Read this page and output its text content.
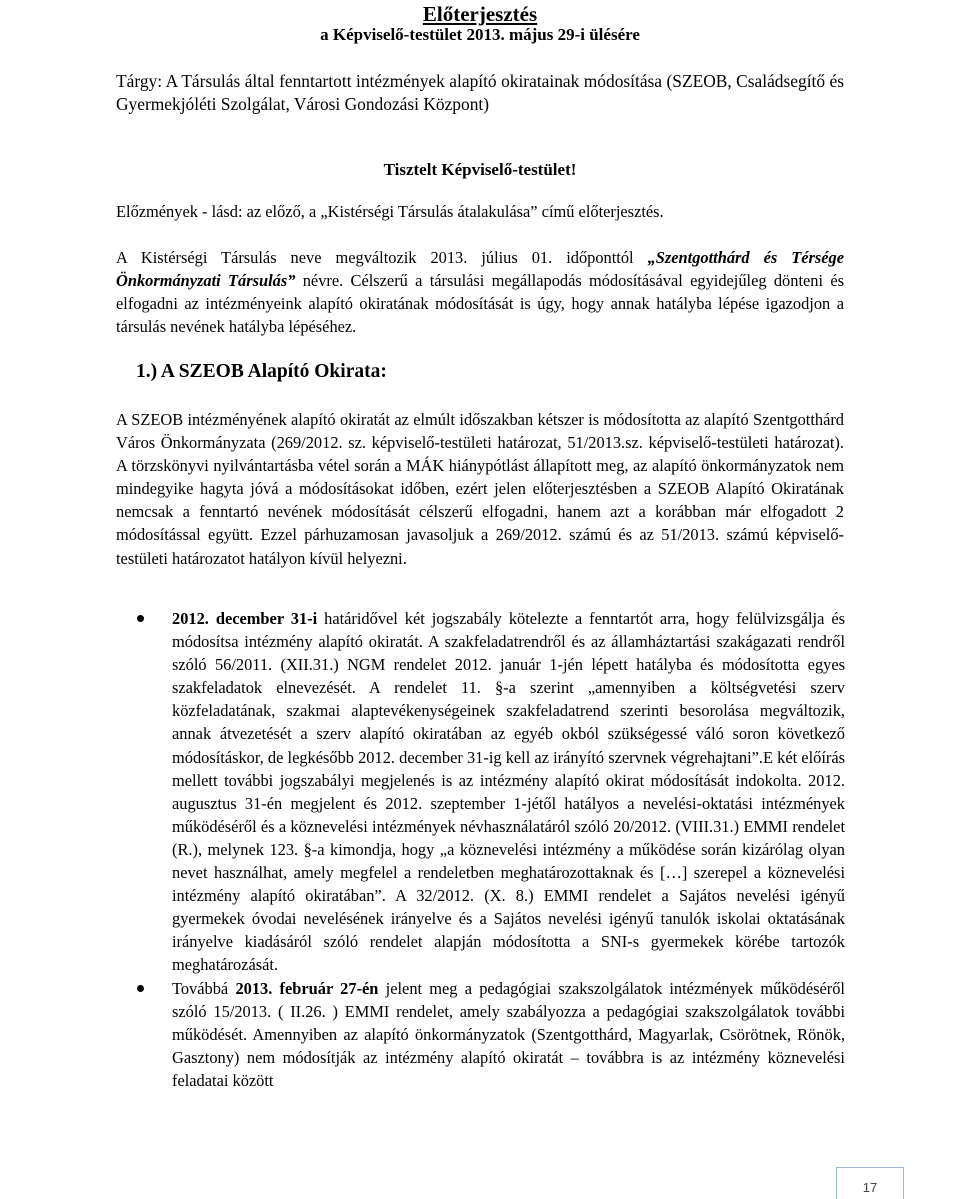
Előterjesztés
a Képviselő-testület 2013. május 29-i ülésére
Tárgy: A Társulás által fenntartott intézmények alapító okiratainak módosítása (SZEOB, Családsegítő és Gyermekjóléti Szolgálat, Városi Gondozási Központ)
Tisztelt Képviselő-testület!
Előzmények - lásd: az előző, a „Kistérségi Társulás átalakulása” című előterjesztés.
A Kistérségi Társulás neve megváltozik 2013. július 01. időponttól „Szentgotthárd és Térsége Önkormányzati Társulás” névre. Célszerű a társulási megállapodás módosításával egyidejűleg dönteni és elfogadni az intézményeink alapító okiratának módosítását is úgy, hogy annak hatályba lépése igazodjon a társulás nevének hatályba lépéséhez.
1.) A SZEOB Alapító Okirata:
A SZEOB intézményének alapító okiratát az elmúlt időszakban kétszer is módosította az alapító Szentgotthárd Város Önkormányzata (269/2012. sz. képviselő-testületi határozat, 51/2013.sz. képviselő-testületi határozat). A törzskönyvi nyilvántartásba vétel során a MÁK hiánypótlást állapított meg, az alapító önkormányzatok nem mindegyike hagyta jóvá a módosításokat időben, ezért jelen előterjesztésben a SZEOB Alapító Okiratának nemcsak a fenntartó nevének módosítását célszerű elfogadni, hanem azt a korábban már elfogadott 2 módosítással együtt. Ezzel párhuzamosan javasoljuk a 269/2012. számú és az 51/2013. számú képviselő-testületi határozatot hatályon kívül helyezni.
2012. december 31-i határidővel két jogszabály kötelezte a fenntartót arra, hogy felülvizsgálja és módosítsa intézmény alapító okiratát. A szakfeladatrendről és az államháztartási szakágazati rendről szóló 56/2011. (XII.31.) NGM rendelet 2012. január 1-jén lépett hatályba és módosította egyes szakfeladatok elnevezését. A rendelet 11. §-a szerint „amennyiben a költségvetési szerv közfeladatának, szakmai alaptevékenységeinek szakfeladatrend szerinti besorolása megváltozik, annak átvezetését a szerv alapító okiratában az egyéb okból szükségessé váló soron következő módosításkor, de legkésőbb 2012. december 31-ig kell az irányító szervnek végrehajtani”.E két előírás mellett további jogszabályi megjelenés is az intézmény alapító okirat módosítását indokolta. 2012. augusztus 31-én megjelent és 2012. szeptember 1-jétől hatályos a nevelési-oktatási intézmények működéséről és a köznevelési intézmények névhasználatáról szóló 20/2012. (VIII.31.) EMMI rendelet (R.), melynek 123. §-a kimondja, hogy „a köznevelési intézmény a működése során kizárólag olyan nevet használhat, amely megfelel a rendeletben meghatározottaknak és […] szerepel a köznevelési intézmény alapító okiratában”. A 32/2012. (X. 8.) EMMI rendelet a Sajátos nevelési igényű gyermekek óvodai nevelésének irányelve és a Sajátos nevelési igényű tanulók iskolai oktatásának irányelve kiadásáról szóló rendelet alapján módosította a SNI-s gyermekek körébe tartozók meghatározását.
Továbbá 2013. február 27-én jelent meg a pedagógiai szakszolgálatok intézmények működéséről szóló 15/2013. ( II.26. ) EMMI rendelet, amely szabályozza a pedagógiai szakszolgálatok további működését. Amennyiben az alapító önkormányzatok (Szentgotthárd, Magyarlak, Csörötnek, Rönök, Gasztony) nem módosítják az intézmény alapító okiratát – továbbra is az intézmény köznevelési feladatai között
17
